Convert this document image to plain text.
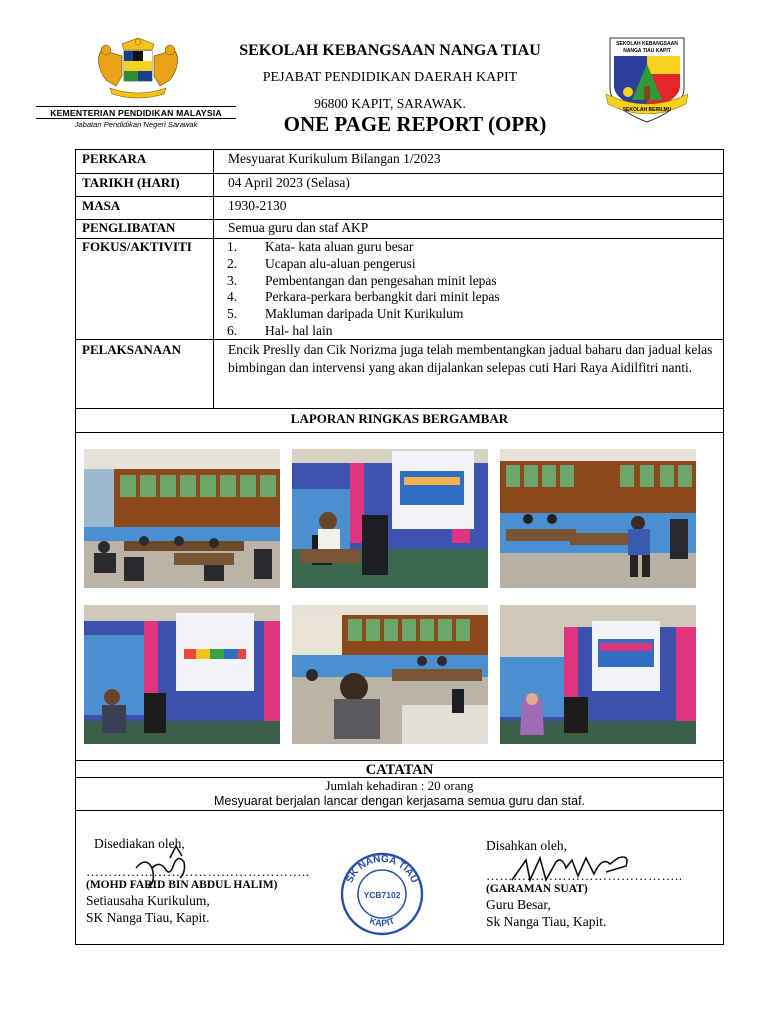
KEMENTERIAN PENDIDIKAN MALAYSIA
Jabatan Pendidikan Negeri Sarawak
SEKOLAH KEBANGSAAN NANGA TIAU
PEJABAT PENDIDIKAN DAERAH KAPIT
96800 KAPIT, SARAWAK.
ONE PAGE REPORT (OPR)
SEKOLAH KEBANGSAAN
NANGA TIAU KAPIT
SEKOLAH BERILMU
PERKARA	Mesyuarat Kurikulum Bilangan 1/2023
TARIKH (HARI)	04 April 2023 (Selasa)
MASA	1930-2130
PENGLIBATAN	Semua guru dan staf AKP
FOKUS/AKTIVITI	1. Kata- kata aluan guru besar
2. Ucapan alu-aluan pengerusi
3. Pembentangan dan pengesahan minit lepas
4. Perkara-perkara berbangkit dari minit lepas
5. Makluman daripada Unit Kurikulum
6. Hal- hal lain
PELAKSANAAN	Encik Preslly dan Cik Norizma juga telah membentangkan jadual baharu dan jadual kelas bimbingan dan intervensi yang akan dijalankan selepas cuti Hari Raya Aidilfitri nanti.
LAPORAN RINGKAS BERGAMBAR
CATATAN
Jumlah kehadiran : 20 orang
Mesyuarat berjalan lancar dengan kerjasama semua guru dan staf.
Disediakan oleh,
…………………………………………..
(MOHD FARID BIN ABDUL HALIM)
Setiausaha Kurikulum,
SK Nanga Tiau, Kapit.
SK NANGA TIAU
YCB7102
KAPIT
Disahkan oleh,
……………………………………..
(GARAMAN SUAT)
Guru Besar,
Sk Nanga Tiau, Kapit.
